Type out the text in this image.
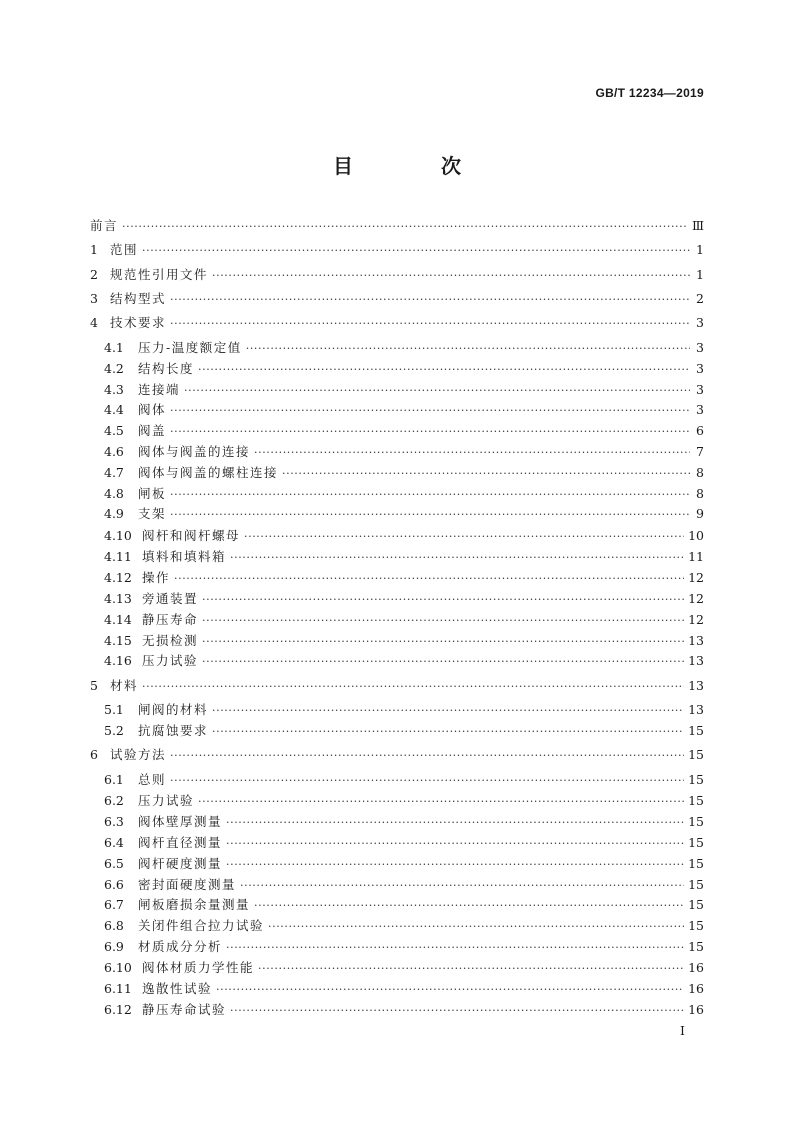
GB/T 12234—2019
目　次
前言 ·····	Ⅲ
1 范围 ·····	1
2 规范性引用文件 ·····	1
3 结构型式 ·····	2
4 技术要求 ·····	3
4.1	压力-温度额定值 ·····	3
4.2	结构长度 ·····	3
4.3	连接端 ·····	3
4.4	阀体 ·····	3
4.5	阀盖 ·····	6
4.6	阀体与阀盖的连接 ·····	7
4.7	阀体与阀盖的螺柱连接 ·····	8
4.8	闸板 ·····	8
4.9	支架 ·····	9
4.10 阀杆和阀杆螺母 ·····	10
4.11 填料和填料箱 ·····	11
4.12 操作 ·····	12
4.13 旁通装置 ·····	12
4.14 静压寿命 ·····	12
4.15 无损检测 ·····	13
4.16 压力试验 ·····	13
5 材料 ·····	13
5.1	闸阀的材料 ·····	13
5.2	抗腐蚀要求 ·····	15
6 试验方法 ·····	15
6.1	总则 ·····	15
6.2	压力试验 ·····	15
6.3	阀体壁厚测量 ·····	15
6.4	阀杆直径测量 ·····	15
6.5	阀杆硬度测量 ·····	15
6.6	密封面硬度测量 ·····	15
6.7	闸板磨损余量测量 ·····	15
6.8	关闭件组合拉力试验 ·····	15
6.9	材质成分分析 ·····	15
6.10 阀体材质力学性能 ·····	16
6.11 逸散性试验 ·····	16
6.12 静压寿命试验 ·····	16
I
